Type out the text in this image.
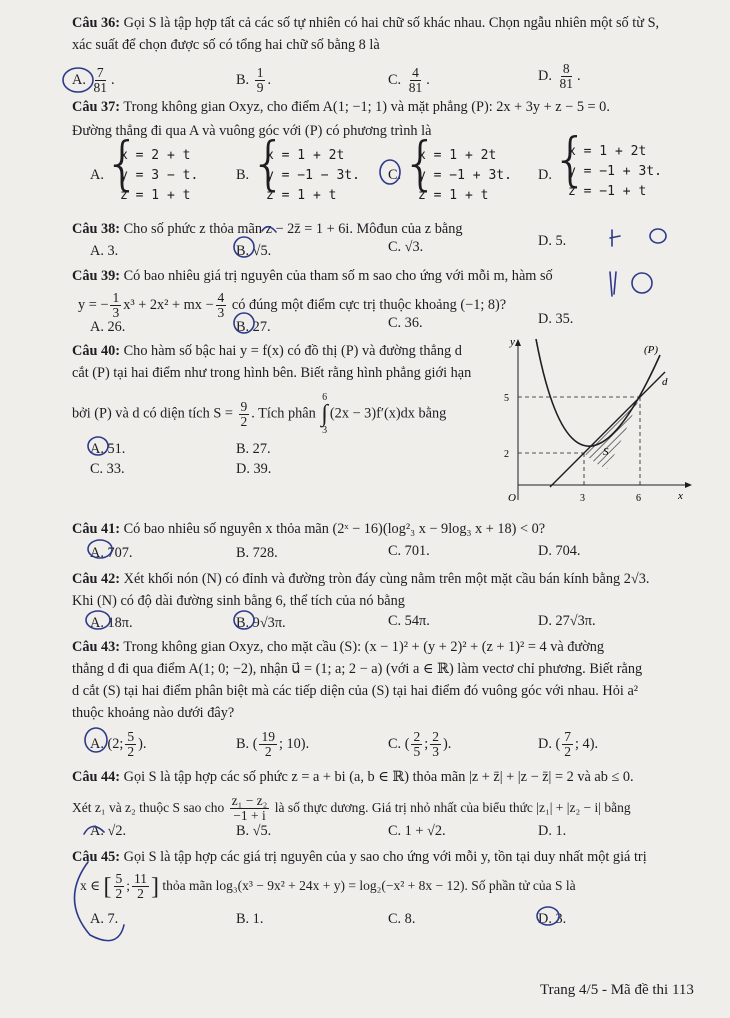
Câu 36: Gọi S là tập hợp tất cả các số tự nhiên có hai chữ số khác nhau. Chọn ngẫu nhiên một số từ S,
xác suất để chọn được số có tổng hai chữ số bằng 8 là
A. $\frac{7}{81}$ .	B. $\frac{1}{9}$ .	C. $\frac{4}{81}$ .	D. $\frac{8}{81}$ .
Câu 37: Trong không gian Oxyz, cho điểm A(1; −1; 1) và mặt phẳng (P): 2x + 3y + z − 5 = 0.
Đường thẳng đi qua A và vuông góc với (P) có phương trình là
A. {
x = 2 + t
y = 3 − t.
z = 1 + t
B. {
x = 1 + 2t
y = −1 − 3t.
z = 1 + t
C. {
x = 1 + 2t
y = −1 + 3t.
z = 1 + t
D. {
x = 1 + 2t
y = −1 + 3t.
z = −1 + t
Câu 38: Cho số phức z thỏa mãn z − 2z̄ = 1 + 6i. Môđun của z bằng
A. 3.	B. √5.	C. √3.	D. 5.
Câu 39: Có bao nhiêu giá trị nguyên của tham số m sao cho ứng với mỗi m, hàm số
y = − $\frac{1}{3} x^3 + 2x^2$ + mx − $\frac{4}{3}$ có đúng một điểm cực trị thuộc khoảng (−1; 8)?
A. 26.	B. 27.	C. 36.	D. 35.
Câu 40: Cho hàm số bậc hai y = f(x) có đồ thị (P) và đường thẳng d
cắt (P) tại hai điểm như trong hình bên. Biết rằng hình phẳng giới hạn
bởi (P) và d có diện tích $S = \frac{9}{2}$ . Tích phân
6
∫
3
(2x − 3)f′(x)dx bằng
A. 51.	B. 27.
C. 33.	D. 39.
y
x
O
(P)
d
S
5
2
3	6
Câu 41: Có bao nhiêu số nguyên x thỏa mãn (2ˣ − 16)(log²₃ x − 9log₃ x + 18) < 0?
A. 707.	B. 728.	C. 701.	D. 704.
Câu 42: Xét khối nón (N) có đỉnh và đường tròn đáy cùng nằm trên một mặt cầu bán kính bằng 2√3.
Khi (N) có độ dài đường sinh bằng 6, thể tích của nó bằng
A. 18π.	B. 9√3π.	C. 54π.	D. 27√3π.
Câu 43: Trong không gian Oxyz, cho mặt cầu (S): (x − 1)² + (y + 2)² + (z + 1)² = 4 và đường
thẳng d đi qua điểm A(1; 0; −2), nhận u⃗ = (1; a; 2 − a) (với a ∈ ℝ) làm vectơ chỉ phương. Biết rằng
d cắt (S) tại hai điểm phân biệt mà các tiếp diện của (S) tại hai điểm đó vuông góc với nhau. Hỏi a²
thuộc khoảng nào dưới đây?
A. (2; $\frac{5}{2}$ ).	B. ( $\frac{19}{2}$ ; 10).	C. ( $\frac{2}{5}$ ; $\frac{2}{3}$ ).	D. ( $\frac{7}{2}$ ; 4).
Câu 44: Gọi S là tập hợp các số phức z = a + bi (a, b ∈ ℝ) thỏa mãn |z + z̄| + |z − z̄| = 2 và ab ≤ 0.
Xét z₁ và z₂ thuộc S sao cho $\frac{\text{z₁ − z₂}}{-1 + i}$ là số thực dương. Giá trị nhỏ nhất của biểu thức |z₁| + |z₂ − i| bằng
A. √2.	B. √5.	C. 1 + √2.	D. 1.
Câu 45: Gọi S là tập hợp các giá trị nguyên của y sao cho ứng với mỗi y, tồn tại duy nhất một giá trị
x ∈ [ $\frac{5}{2}$ ; $\frac{11}{2}$ ] thỏa mãn log₃(x³ − 9x² + 24x + y) = log₂(−x² + 8x − 12). Số phần tử của S là
A. 7.	B. 1.	C. 8.	D. 3.
Trang 4/5 - Mã đề thi 113
